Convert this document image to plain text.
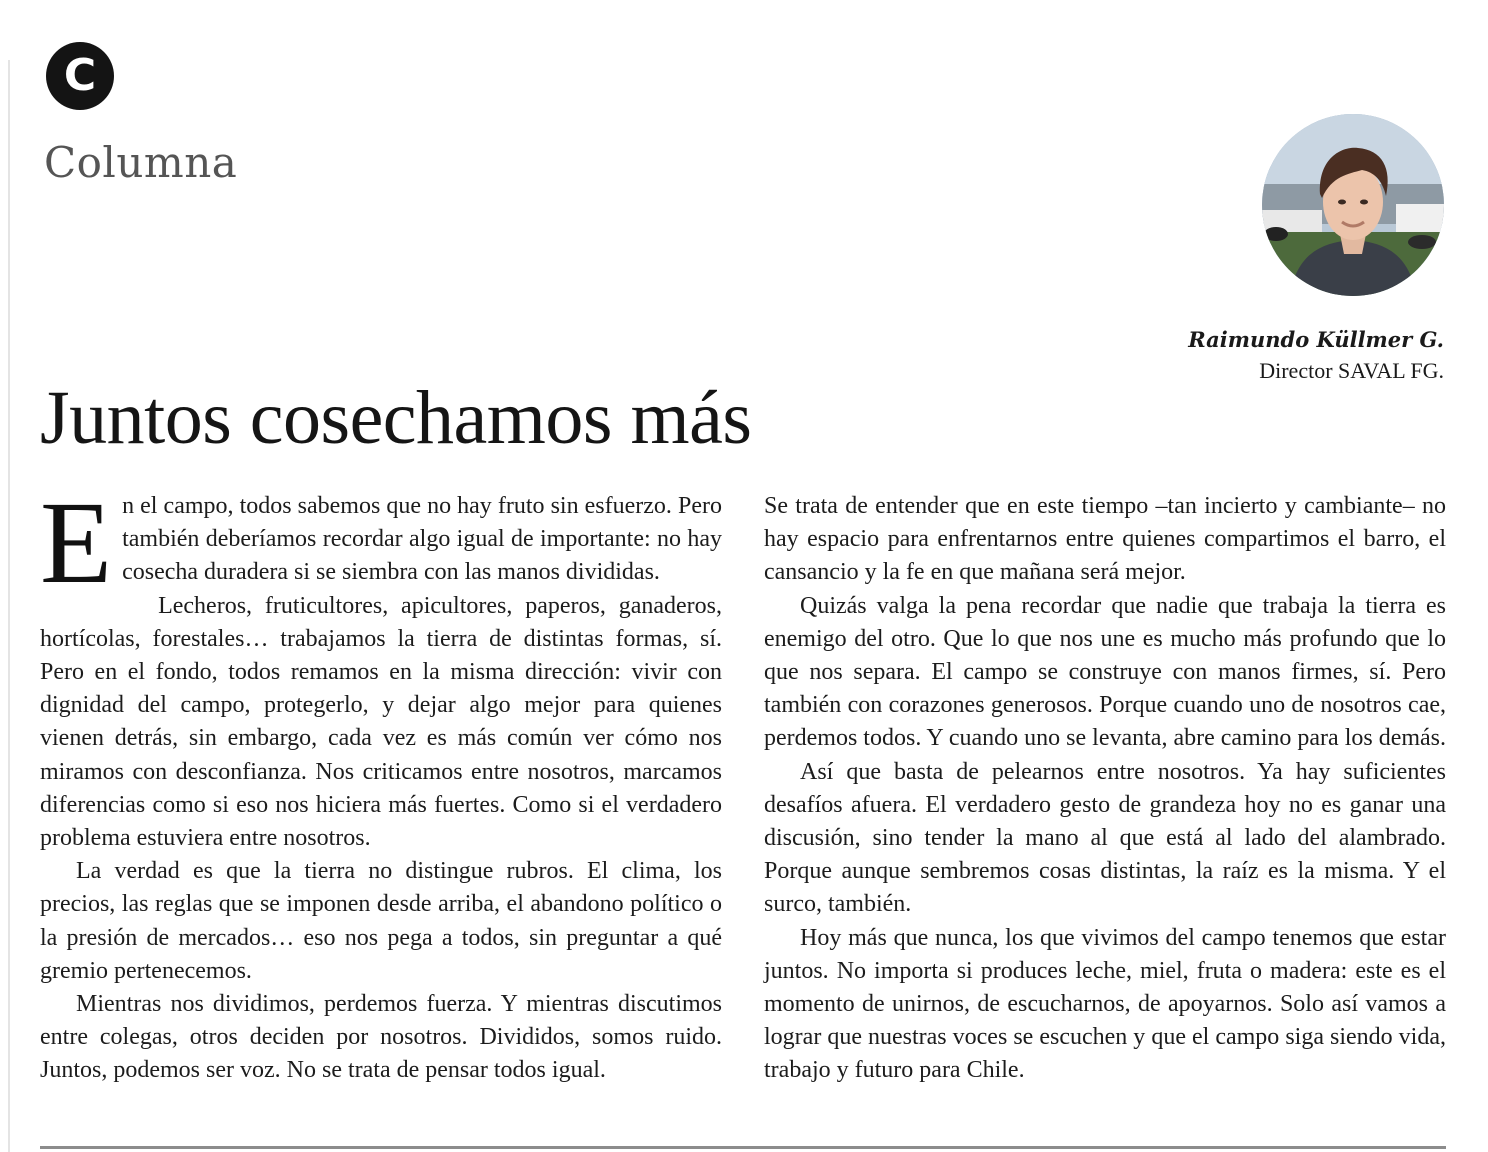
C
Columna
Raimundo Küllmer G.
Director SAVAL FG.
Juntos cosechamos más

En el campo, todos sabemos que no hay fruto sin esfuerzo. Pero también deberíamos recordar algo igual de importante: no hay cosecha duradera si se siembra con las manos divididas.

Lecheros, fruticultores, apicultores, paperos, ganaderos, hortícolas, forestales… trabajamos la tierra de distintas formas, sí. Pero en el fondo, todos remamos en la misma dirección: vivir con dignidad del campo, protegerlo, y dejar algo mejor para quienes vienen detrás, sin embargo, cada vez es más común ver cómo nos miramos con desconfianza. Nos criticamos entre nosotros, marcamos diferencias como si eso nos hiciera más fuertes. Como si el verdadero problema estuviera entre nosotros.

La verdad es que la tierra no distingue rubros. El clima, los precios, las reglas que se imponen desde arriba, el abandono político o la presión de mercados… eso nos pega a todos, sin preguntar a qué gremio pertenecemos.

Mientras nos dividimos, perdemos fuerza. Y mientras discutimos entre colegas, otros deciden por nosotros. Divididos, somos ruido. Juntos, podemos ser voz. No se trata de pensar todos igual.

Se trata de entender que en este tiempo –tan incierto y cambiante– no hay espacio para enfrentarnos entre quienes compartimos el barro, el cansancio y la fe en que mañana será mejor.

Quizás valga la pena recordar que nadie que trabaja la tierra es enemigo del otro. Que lo que nos une es mucho más profundo que lo que nos separa. El campo se construye con manos firmes, sí. Pero también con corazones generosos. Porque cuando uno de nosotros cae, perdemos todos. Y cuando uno se levanta, abre camino para los demás.

Así que basta de pelearnos entre nosotros. Ya hay suficientes desafíos afuera. El verdadero gesto de grandeza hoy no es ganar una discusión, sino tender la mano al que está al lado del alambrado. Porque aunque sembremos cosas distintas, la raíz es la misma. Y el surco, también.

Hoy más que nunca, los que vivimos del campo tenemos que estar juntos. No importa si produces leche, miel, fruta o madera: este es el momento de unirnos, de escucharnos, de apoyarnos. Solo así vamos a lograr que nuestras voces se escuchen y que el campo siga siendo vida, trabajo y futuro para Chile.
